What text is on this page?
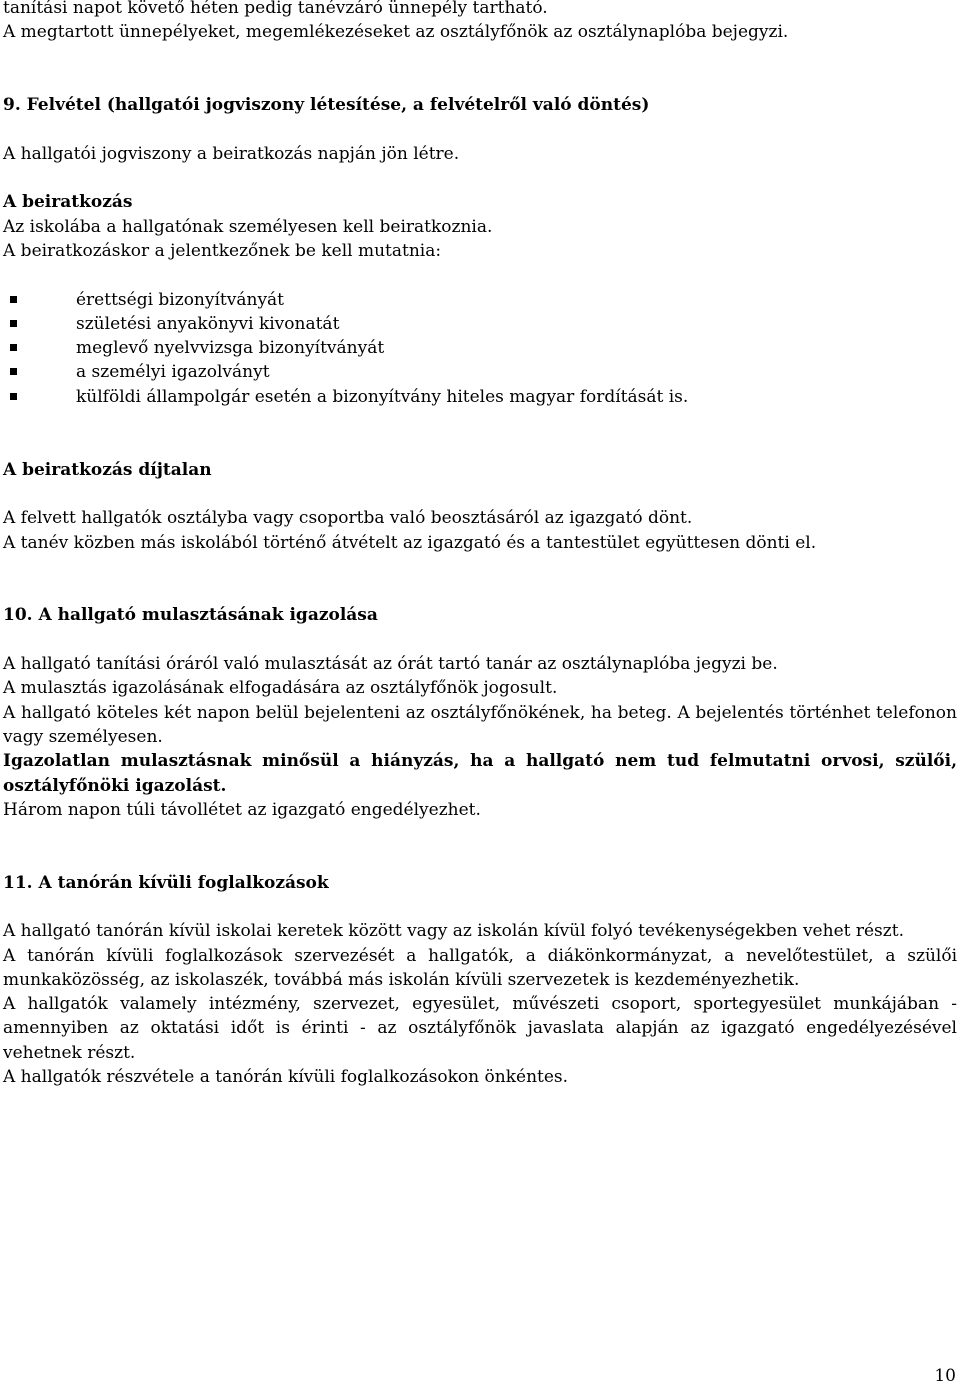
tanítási napot követő héten pedig tanévzáró ünnepély tartható.

A megtartott ünnepélyeket, megemlékezéseket az osztályfőnök az osztálynaplóba bejegyzi.

9. Felvétel (hallgatói jogviszony létesítése, a felvételről való döntés)

A hallgatói jogviszony a beiratkozás napján jön létre.

A beiratkozás

Az iskolába a hallgatónak személyesen kell beiratkoznia.

A beiratkozáskor a jelentkezőnek be kell mutatnia:

érettségi bizonyítványát
születési anyakönyvi kivonatát
meglevő nyelvvizsga bizonyítványát
a személyi igazolványt
külföldi állampolgár esetén a bizonyítvány hiteles magyar fordítását is.

A beiratkozás díjtalan

A felvett hallgatók osztályba vagy csoportba való beosztásáról az igazgató dönt.

A tanév közben más iskolából történő átvételt az igazgató és a tantestület együttesen dönti el.

10. A hallgató mulasztásának igazolása

A hallgató tanítási óráról való mulasztását az órát tartó tanár az osztálynaplóba jegyzi be.

A mulasztás igazolásának elfogadására az osztályfőnök jogosult.

A hallgató köteles két napon belül bejelenteni az osztályfőnökének, ha beteg. A bejelentés történhet telefonon vagy személyesen.

Igazolatlan mulasztásnak minősül a hiányzás, ha a hallgató nem tud felmutatni orvosi, szülői, osztályfőnöki igazolást.

Három napon túli távollétet az igazgató engedélyezhet.

11. A tanórán kívüli foglalkozások

A hallgató tanórán kívül iskolai keretek között vagy az iskolán kívül folyó tevékenységekben vehet részt.

A tanórán kívüli foglalkozások szervezését a hallgatók, a diákönkormányzat, a nevelőtestület, a szülői munkaközösség, az iskolaszék, továbbá más iskolán kívüli szervezetek is kezdeményezhetik.

A hallgatók valamely intézmény, szervezet, egyesület, művészeti csoport, sportegyesület munkájában - amennyiben az oktatási időt is érinti - az osztályfőnök javaslata alapján az igazgató engedélyezésével vehetnek részt.

A hallgatók részvétele a tanórán kívüli foglalkozásokon önkéntes.

10
